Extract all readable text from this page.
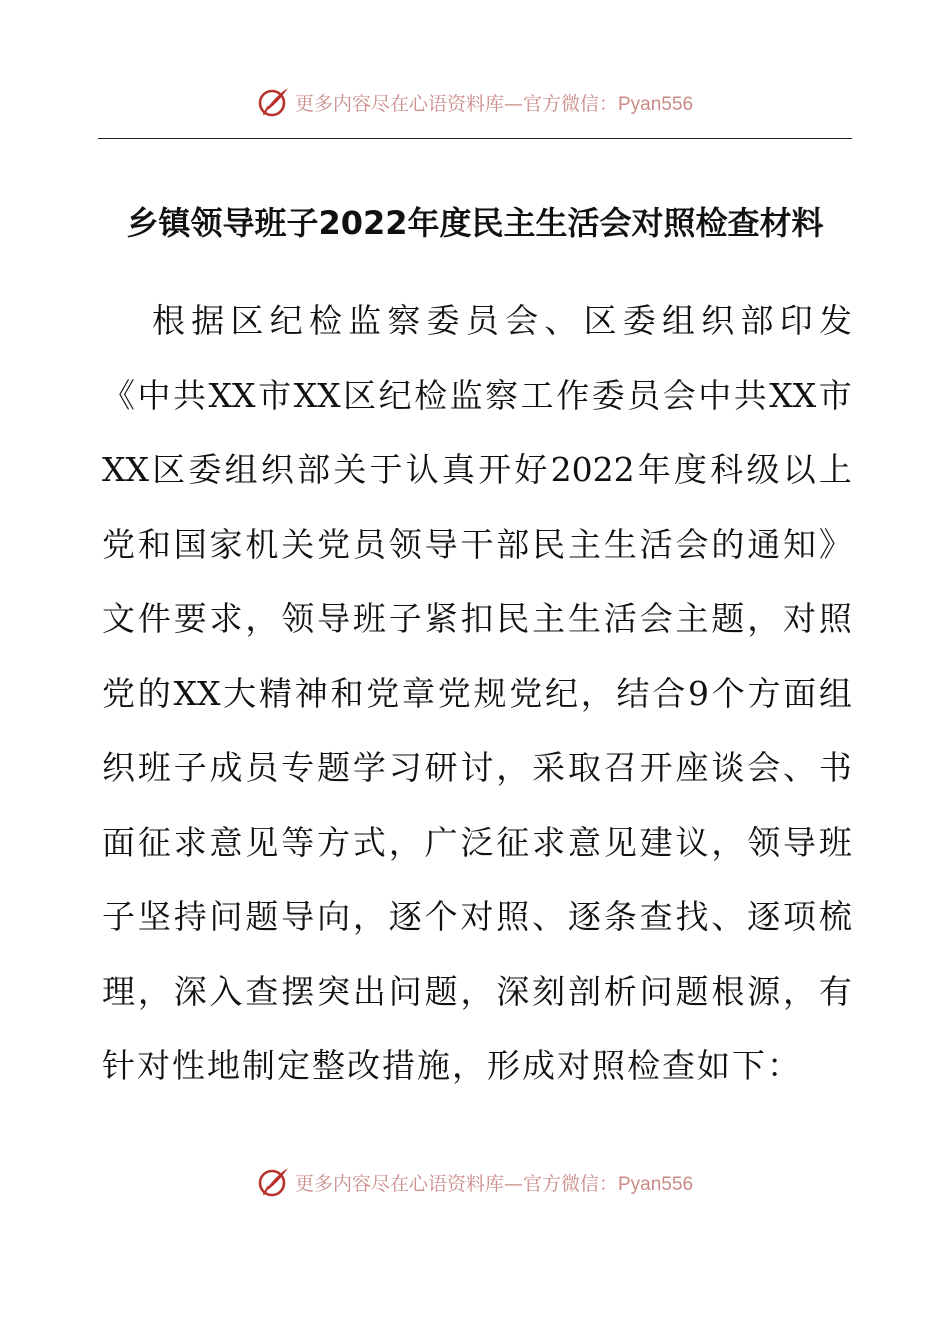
更多内容尽在心语资料库—官方微信：Pyan556
乡镇领导班子2022年度民主生活会对照检查材料
根 据 区 纪 检 监 察 委 员 会 、 区 委 组 织 部 印 发
《 中 共 XX 市 XX 区 纪 检 监 察 工 作 委 员 会 中 共 XX 市
XX 区 委 组 织 部 关 于 认 真 开 好 2022 年 度 科 级 以 上
党 和 国 家 机 关 党 员 领 导 干 部 民 主 生 活 会 的 通 知 》
文 件 要 求 ， 领 导 班 子 紧 扣 民 主 生 活 会 主 题 ， 对 照
党 的 XX 大 精 神 和 党 章 党 规 党 纪 ， 结 合 9 个 方 面 组
织 班 子 成 员 专 题 学 习 研 讨 ， 采 取 召 开 座 谈 会 、 书
面 征 求 意 见 等 方 式 ， 广 泛 征 求 意 见 建 议 ， 领 导 班
子 坚 持 问 题 导 向 ， 逐 个 对 照 、 逐 条 查 找 、 逐 项 梳
理 ， 深 入 查 摆 突 出 问 题 ， 深 刻 剖 析 问 题 根 源 ， 有
针对性地制定整改措施，形成对照检查如下：
更多内容尽在心语资料库—官方微信：Pyan556
